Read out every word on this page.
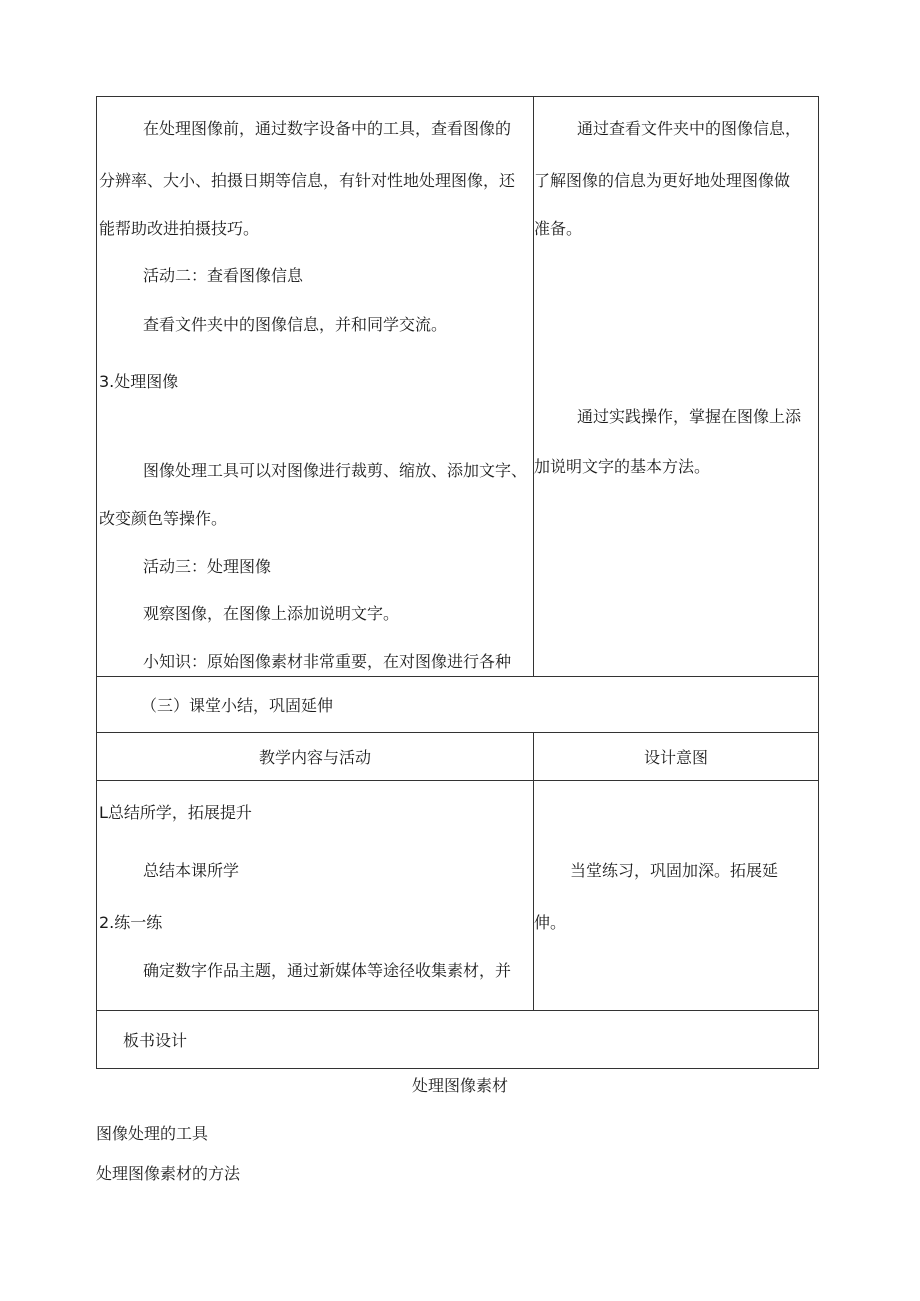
在处理图像前，通过数字设备中的工具，查看图像的
分辨率、大小、拍摄日期等信息，有针对性地处理图像，还
能帮助改进拍摄技巧。
活动二：查看图像信息
查看文件夹中的图像信息，并和同学交流。
3.处理图像
图像处理工具可以对图像进行裁剪、缩放、添加文字、
改变颜色等操作。
活动三：处理图像
观察图像，在图像上添加说明文字。
小知识：原始图像素材非常重要，在对图像进行各种
通过查看文件夹中的图像信息，
了解图像的信息为更好地处理图像做
准备。
通过实践操作，掌握在图像上添
加说明文字的基本方法。
（三）课堂小结，巩固延伸
教学内容与活动	设计意图
L总结所学，拓展提升
总结本课所学
2.练一练
确定数字作品主题，通过新媒体等途径收集素材，并
当堂练习，巩固加深。拓展延
伸。
板书设计
处理图像素材
图像处理的工具
处理图像素材的方法
